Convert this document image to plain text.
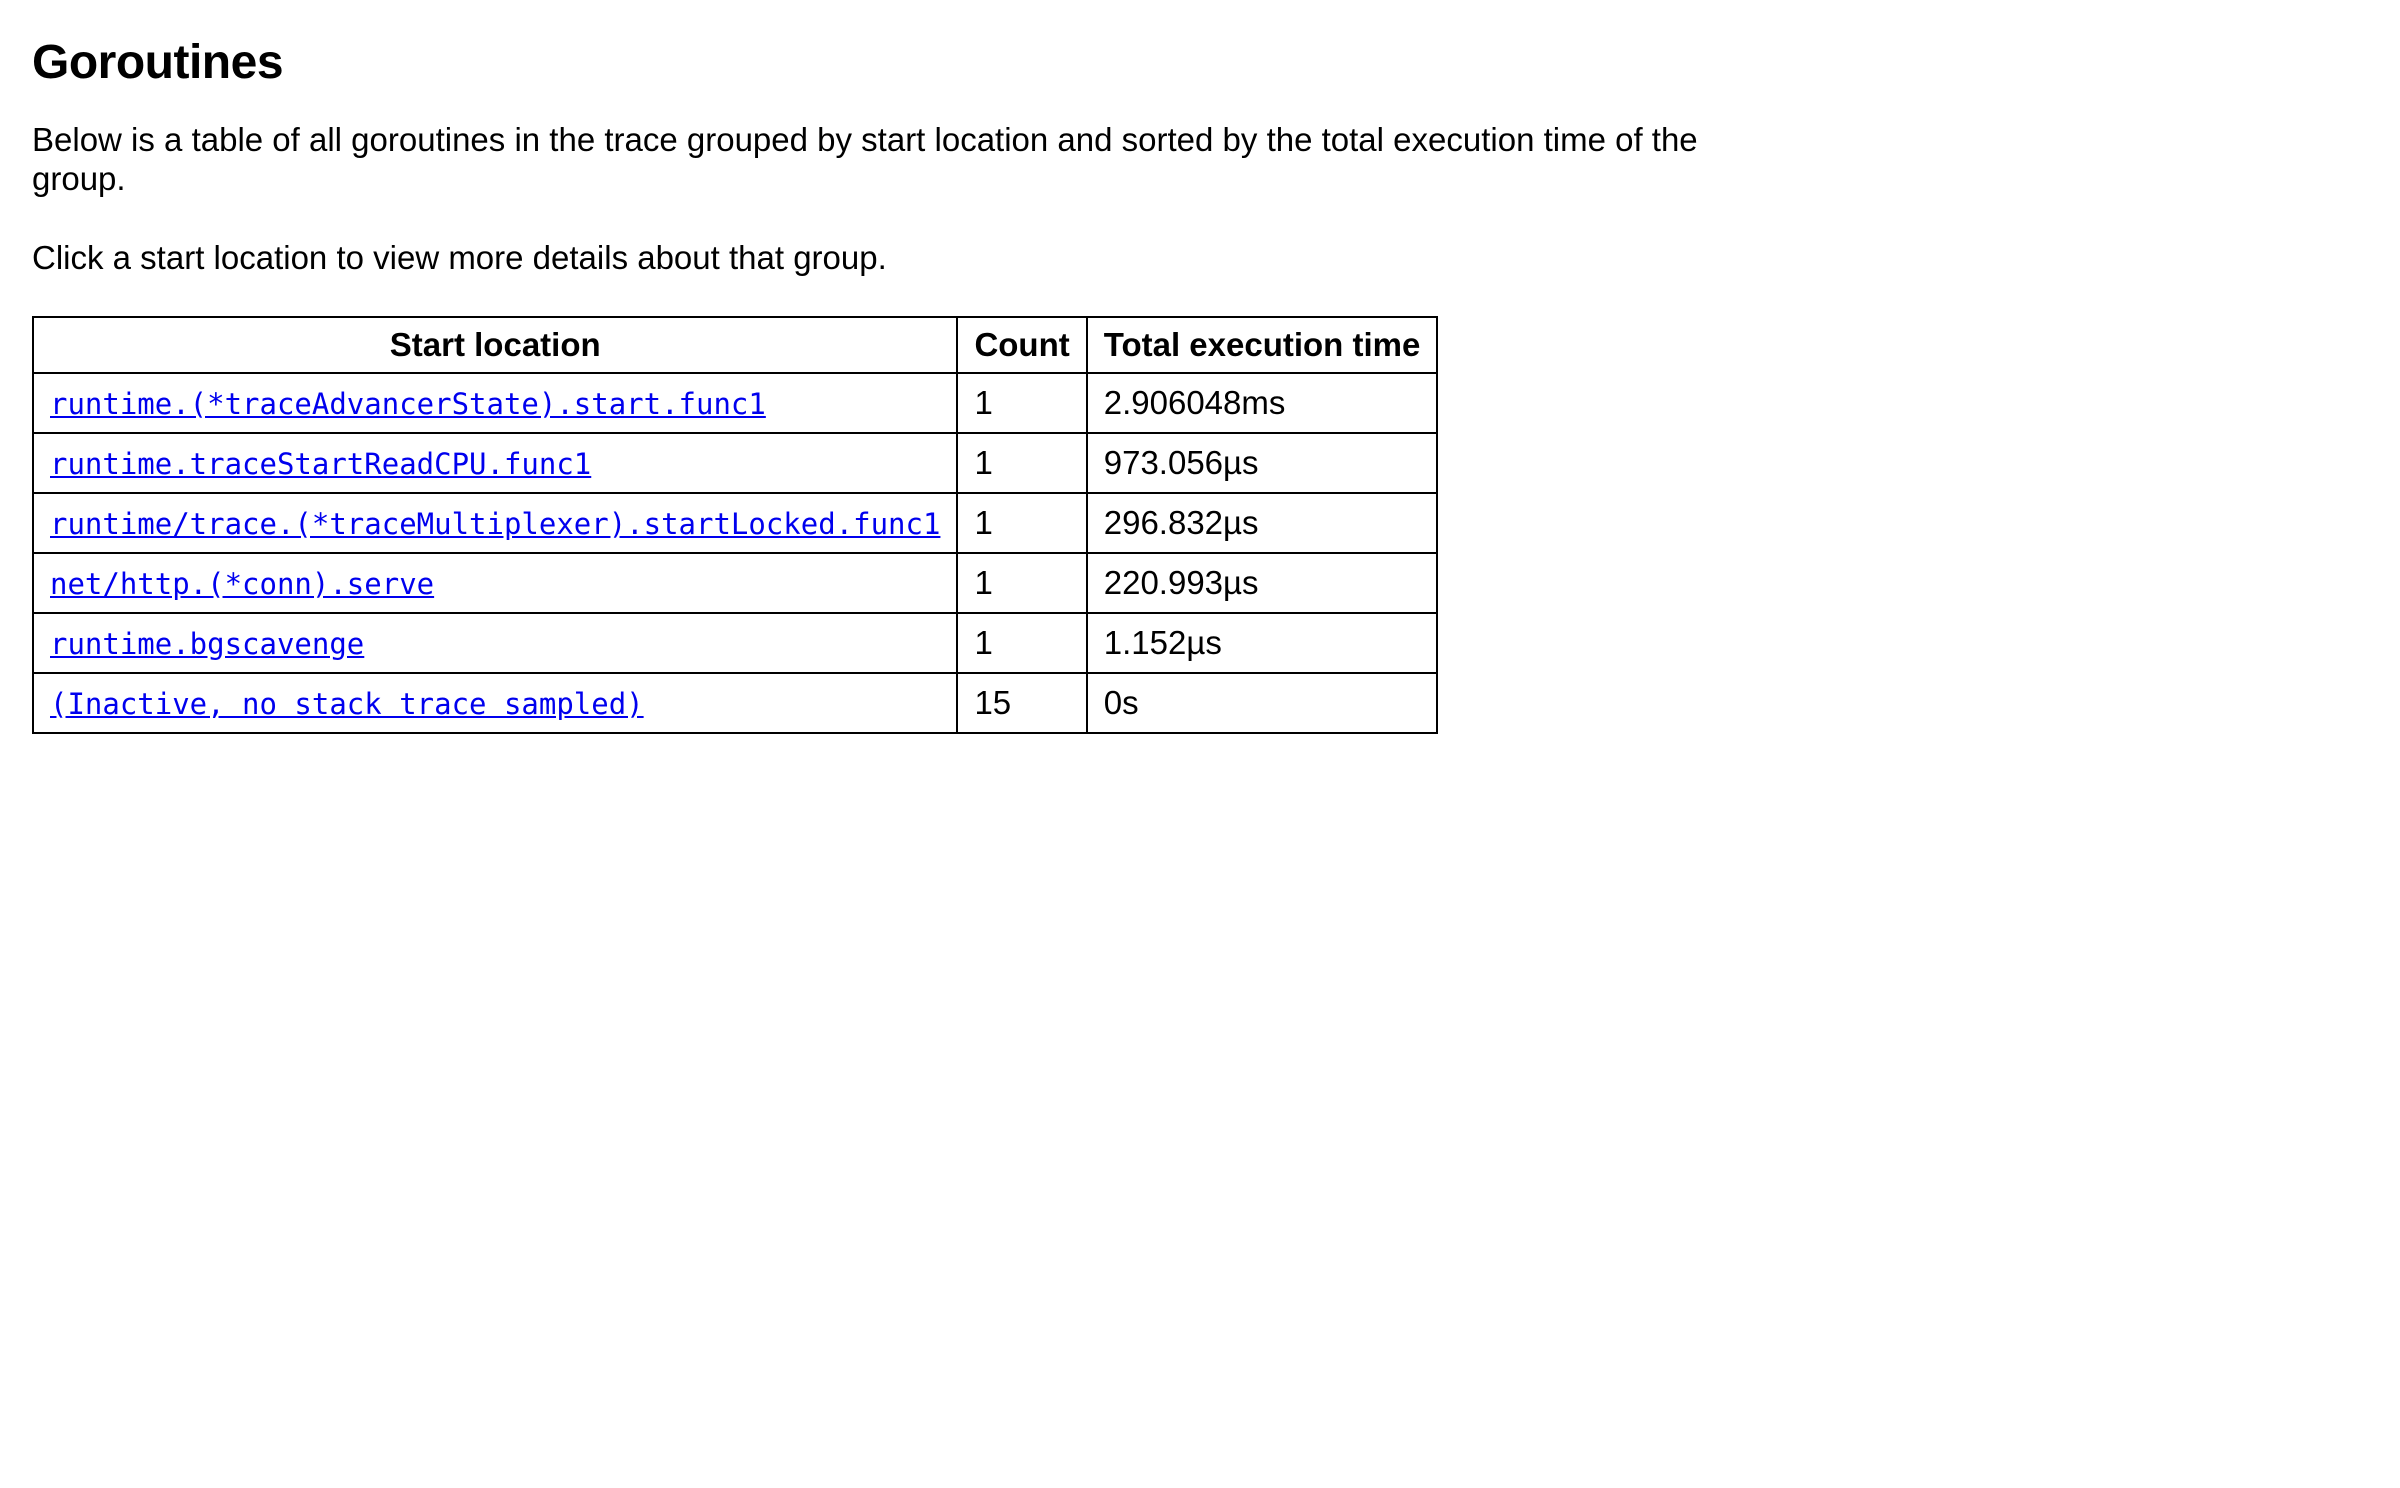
Goroutines

Below is a table of all goroutines in the trace grouped by start location and sorted by the total execution time of the group.

Click a start location to view more details about that group.

Start location	Count	Total execution time
runtime.(*traceAdvancerState).start.func1	1	2.906048ms
runtime.traceStartReadCPU.func1	1	973.056µs
runtime/trace.(*traceMultiplexer).startLocked.func1	1	296.832µs
net/http.(*conn).serve	1	220.993µs
runtime.bgscavenge	1	1.152µs
(Inactive, no stack trace sampled)	15	0s
